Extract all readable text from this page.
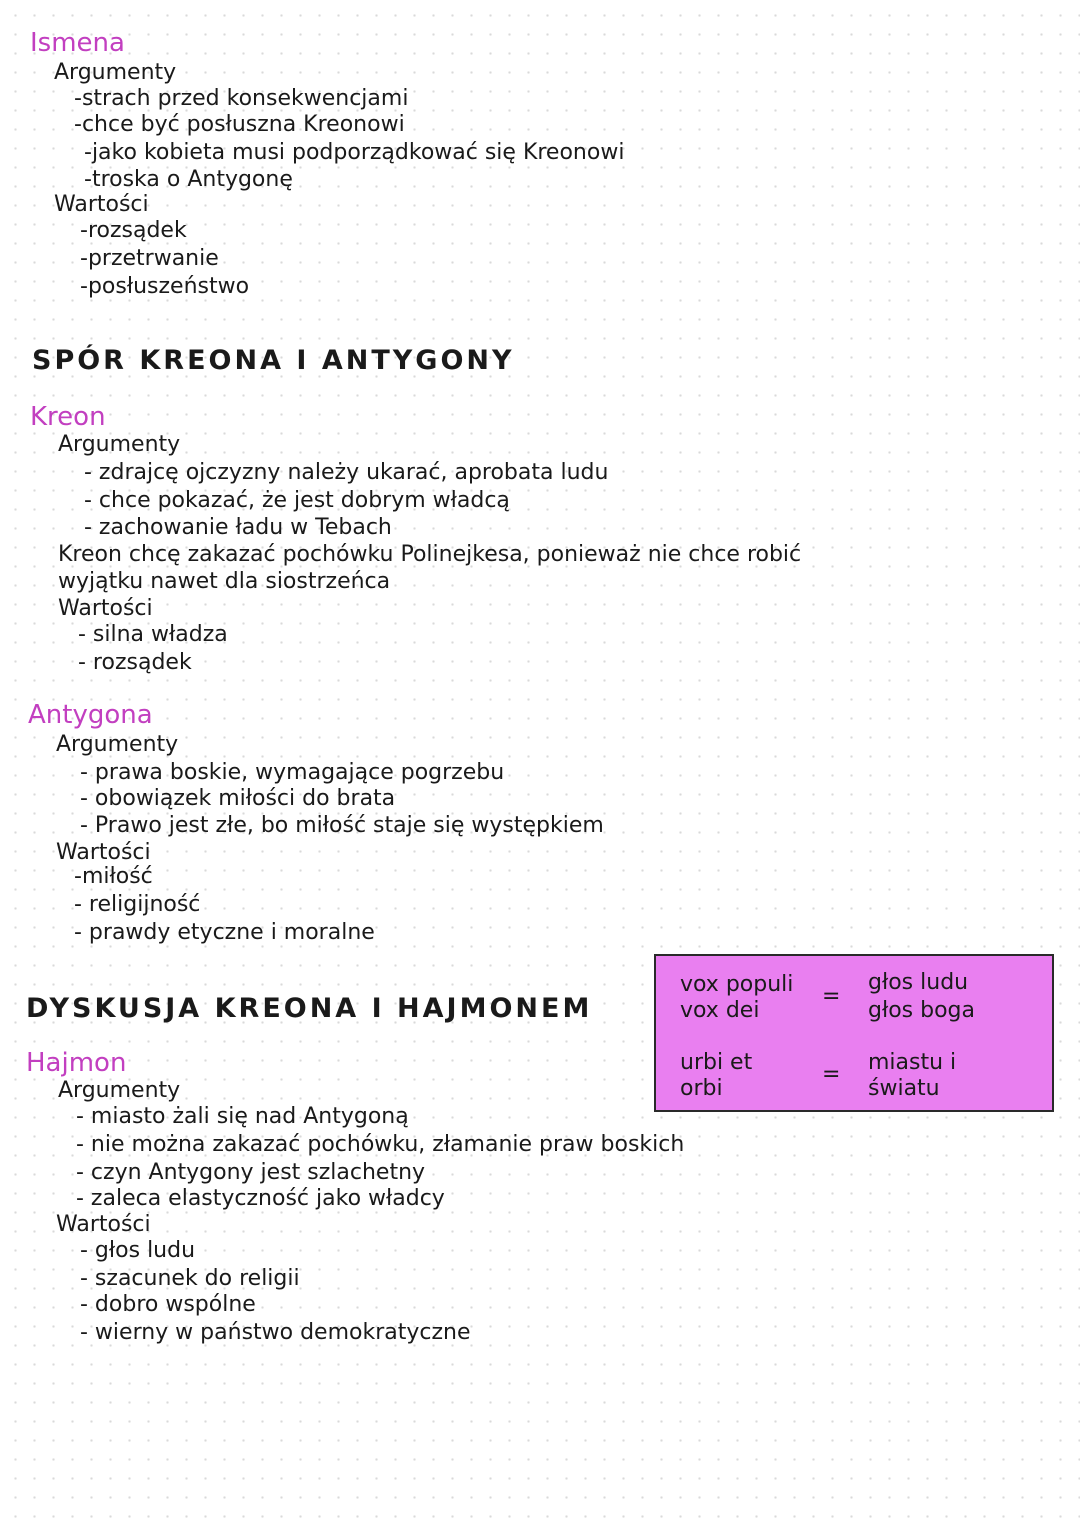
Ismena
Argumenty
-strach przed konsekwencjami
-chce być posłuszna Kreonowi
-jako kobieta musi podporządkować się Kreonowi
-troska o Antygonę
Wartości
-rozsądek
-przetrwanie
-posłuszeństwo
SPÓR KREONA I ANTYGONY
Kreon
Argumenty
- zdrajcę ojczyzny należy ukarać, aprobata ludu
- chce pokazać, że jest dobrym władcą
- zachowanie ładu w Tebach
Kreon chcę zakazać pochówku Polinejkesa, ponieważ nie chce robić
wyjątku nawet dla siostrzeńca
Wartości
- silna władza
- rozsądek
Antygona
Argumenty
- prawa boskie, wymagające pogrzebu
- obowiązek miłości do brata
- Prawo jest złe, bo miłość staje się występkiem
Wartości
-miłość
- religijność
- prawdy etyczne i moralne
DYSKUSJA KREONA I HAJMONEM
vox populi
vox dei
=
głos ludu
głos boga
urbi et
orbi
= miastu i
światu
Hajmon
Argumenty
- miasto żali się nad Antygoną
- nie można zakazać pochówku, złamanie praw boskich
- czyn Antygony jest szlachetny
- zaleca elastyczność jako władcy
Wartości
- głos ludu
- szacunek do religii
- dobro wspólne
- wierny w państwo demokratyczne
